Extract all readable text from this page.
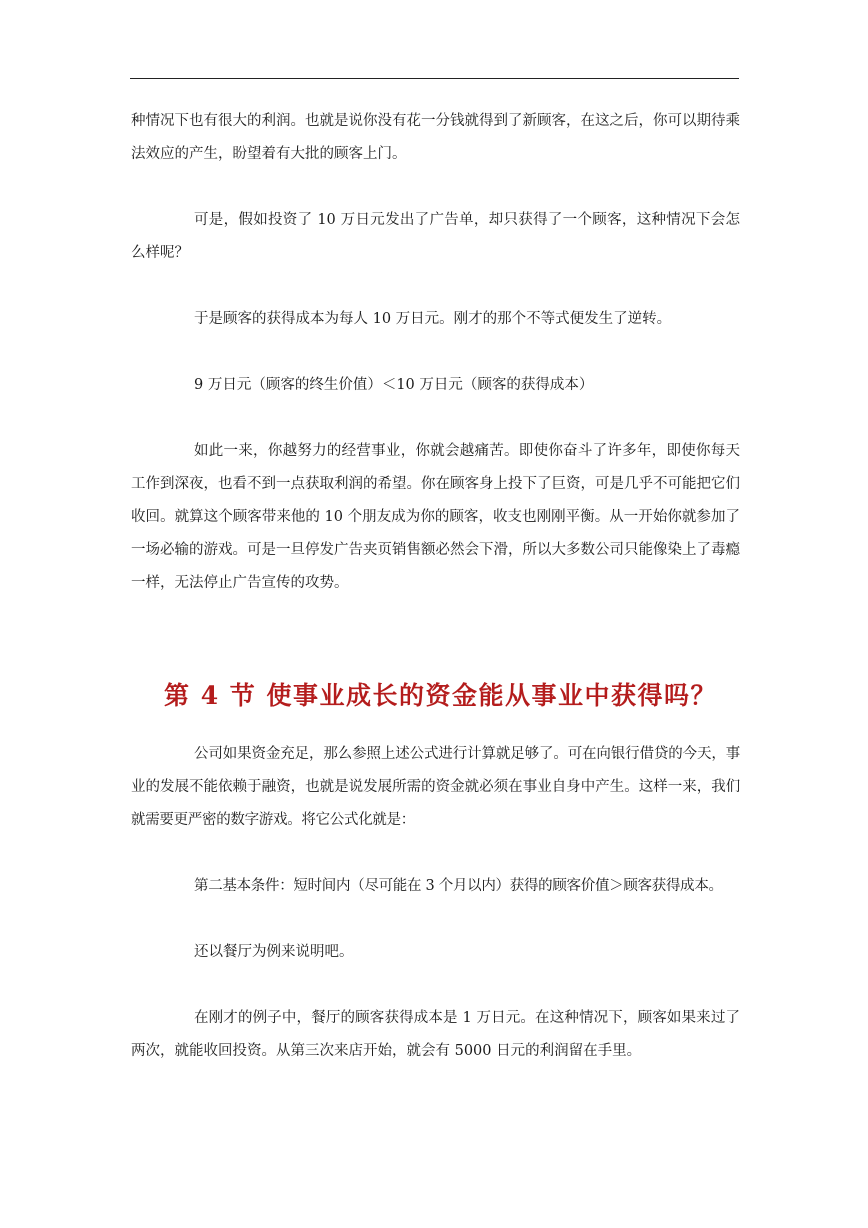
种情况下也有很大的利润。也就是说你没有花一分钱就得到了新顾客，在这之后，你可以期待乘法效应的产生，盼望着有大批的顾客上门。

可是，假如投资了 10 万日元发出了广告单，却只获得了一个顾客，这种情况下会怎么样呢？

于是顾客的获得成本为每人 10 万日元。刚才的那个不等式便发生了逆转。

9 万日元（顾客的终生价值）＜10 万日元（顾客的获得成本）

如此一来，你越努力的经营事业，你就会越痛苦。即使你奋斗了许多年，即使你每天工作到深夜，也看不到一点获取利润的希望。你在顾客身上投下了巨资，可是几乎不可能把它们收回。就算这个顾客带来他的 10 个朋友成为你的顾客，收支也刚刚平衡。从一开始你就参加了一场必输的游戏。可是一旦停发广告夹页销售额必然会下滑，所以大多数公司只能像染上了毒瘾一样，无法停止广告宣传的攻势。

第 4 节 使事业成长的资金能从事业中获得吗？

公司如果资金充足，那么参照上述公式进行计算就足够了。可在向银行借贷的今天，事业的发展不能依赖于融资，也就是说发展所需的资金就必须在事业自身中产生。这样一来，我们就需要更严密的数字游戏。将它公式化就是：

第二基本条件：短时间内（尽可能在 3 个月以内）获得的顾客价值＞顾客获得成本。

还以餐厅为例来说明吧。

在刚才的例子中，餐厅的顾客获得成本是 1 万日元。在这种情况下，顾客如果来过了两次，就能收回投资。从第三次来店开始，就会有 5000 日元的利润留在手里。
